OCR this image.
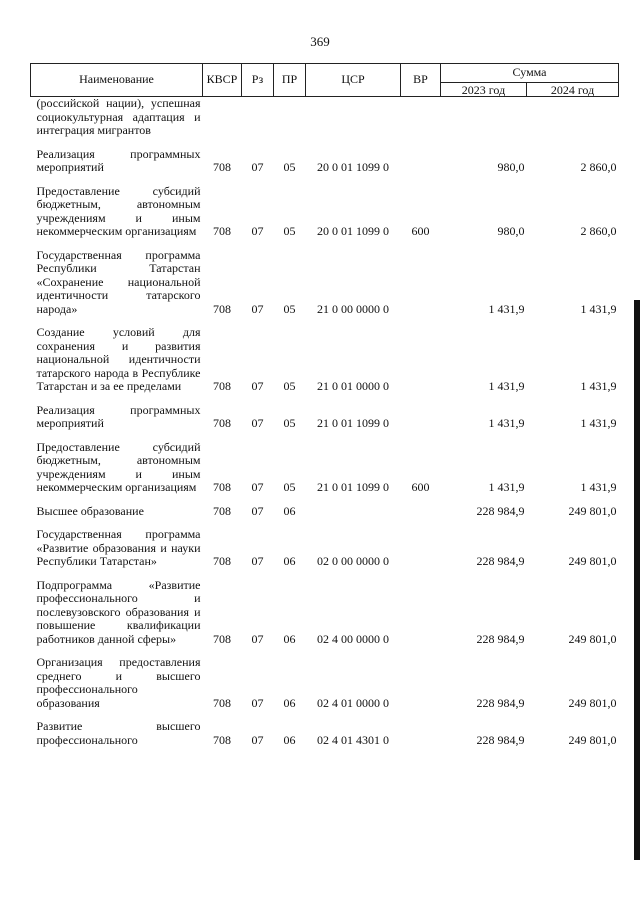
369
Наименование	КВСР	Рз	ПР	ЦСР	ВР	Сумма	
						2023 год	2024 год
(российской нации), успешная социокультурная адаптация и интеграция мигрантов							
Реализация программных мероприятий	708	07	05	20 0 01 1099 0		980,0	2 860,0
Предоставление субсидий бюджетным, автономным учреждениям и иным некоммерческим организациям	708	07	05	20 0 01 1099 0	600	980,0	2 860,0
Государственная программа Республики Татарстан «Сохранение национальной идентичности татарского народа»	708	07	05	21 0 00 0000 0		1 431,9	1 431,9
Создание условий для сохранения и развития национальной идентичности татарского народа в Республике Татарстан и за ее пределами	708	07	05	21 0 01 0000 0		1 431,9	1 431,9
Реализация программных мероприятий	708	07	05	21 0 01 1099 0		1 431,9	1 431,9
Предоставление субсидий бюджетным, автономным учреждениям и иным некоммерческим организациям	708	07	05	21 0 01 1099 0	600	1 431,9	1 431,9
Высшее образование	708	07	06			228 984,9	249 801,0
Государственная программа «Развитие образования и науки Республики Татарстан»	708	07	06	02 0 00 0000 0		228 984,9	249 801,0
Подпрограмма «Развитие профессионального и послевузовского образования и повышение квалификации работников данной сферы»	708	07	06	02 4 00 0000 0		228 984,9	249 801,0
Организация предоставления среднего и высшего профессионального образования	708	07	06	02 4 01 0000 0		228 984,9	249 801,0
Развитие высшего профессионального	708	07	06	02 4 01 4301 0		228 984,9	249 801,0
